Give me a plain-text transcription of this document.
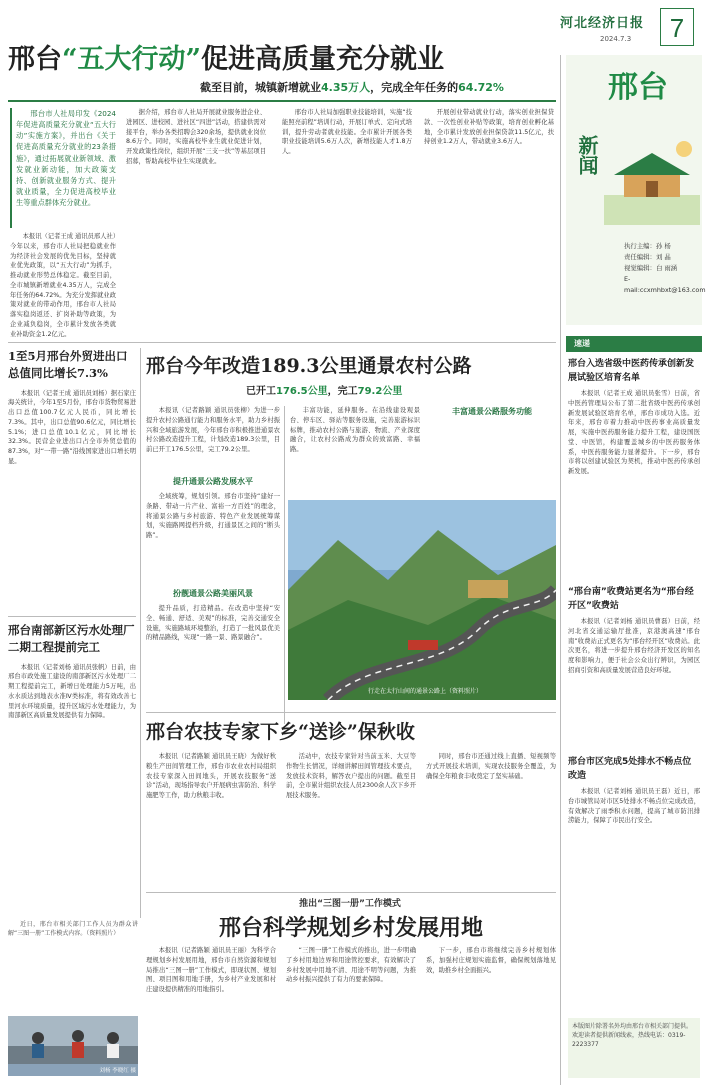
河北经济日报
2024.7.3	7
邢台“五大行动”促进高质量充分就业
截至目前，城镇新增就业4.35万人，完成全年任务的64.72%

邢台市人社局印发《2024年促进高质量充分就业“五大行动”实施方案》，并出台《关于促进高质量充分就业的23条措施》，通过拓展就业新领域、激发就业新动能，加大政策支持、创新就业服务方式、提升就业质量，全力促进高校毕业生等重点群体充分就业。

本报讯（记者王成 通讯员邢人社）今年以来，邢台市人社局把稳就业作为经济社会发展的优先目标，坚持就业优先政策，以“五大行动”为抓手，推动就业形势总体稳定。截至目前，全市城镇新增就业4.35万人，完成全年任务的64.72%。为充分发挥就业政策对就业的带动作用，邢台市人社局落实稳岗返还、扩岗补助等政策，为企业减负稳岗，全市累计发放各类就业补助资金1.2亿元。

据介绍，邢台市人社局开展就业服务进企业、进园区、进校园、进社区“四进”活动，搭建供需对接平台，举办各类招聘会320余场，提供就业岗位8.6万个。同时，实施高校毕业生就业促进计划，开发政策性岗位，组织开展“三支一扶”等基层项目招募，帮助高校毕业生实现就业。

邢台市人社局加强职业技能培训，实施“技能照亮前程”培训行动，开展订单式、定向式培训，提升劳动者就业技能。全市累计开展各类职业技能培训5.6万人次，新增技能人才1.8万人。

开展创业带动就业行动，落实创业担保贷款、一次性创业补贴等政策，培育创业孵化基地，全市累计发放创业担保贷款11.5亿元，扶持创业1.2万人，带动就业3.6万人。

邢台
新闻
执行主编：孙 杨
责任编辑：刘 晶
视觉编辑：白 雨涵
E-mail:ccxmhbxt@163.com
速递
邢台入选省级中医药传承创新发展试验区培育名单

本报讯（记者王成 通讯员张雪）日前，省中医药管理局公布了第二批省级中医药传承创新发展试验区培育名单，邢台市成功入选。近年来，邢台市着力推动中医药事业高质量发展，实施中医药服务能力提升工程，建设国医堂、中医馆，构建覆盖城乡的中医药服务体系，中医药服务能力显著提升。下一步，邢台市将以创建试验区为契机，推动中医药传承创新发展。

“邢台南”收费站更名为“邢台经开区”收费站

本报讯（记者刘杨 通讯员曹磊）日前，经河北省交通运输厅批准，京港澳高速“邢台南”收费站正式更名为“邢台经开区”收费站。此次更名，将进一步提升邢台经济开发区的知名度和影响力，便于社会公众出行辨识，为园区招商引资和高质量发展营造良好环境。

邢台市区完成5处排水不畅点位改造

本报讯（记者刘杨 通讯员王磊）近日，邢台市城管局对市区5处排水不畅点位完成改造，有效解决了雨季积水问题，提高了城市防汛排涝能力，保障了市民出行安全。

本版图片除署名外均由邢台市相关部门提供。欢迎读者提供新闻线索，热线电话：0319-2223377
1至5月邢台外贸进出口总值同比增长7.3%

本报讯（记者王成 通讯员刘杨）据石家庄海关统计，今年1至5月份，邢台市货物贸易进出口总值100.7亿元人民币，同比增长7.3%。其中，出口总值90.6亿元，同比增长5.1%；进口总值10.1亿元，同比增长32.3%。民营企业进出口占全市外贸总值的87.3%，对“一带一路”沿线国家进出口增长明显。

邢台南部新区污水处理厂二期工程提前完工

本报讯（记者刘杨 通讯员张帆）日前，由邢台市政处施工建设的南部新区污水处理厂二期工程提前完工，新增日处理能力5万吨，出水水质达到地表水准Ⅳ类标准，将有效改善七里河水环境质量，提升区域污水处理能力，为南部新区高质量发展提供有力保障。

邢台今年改造189.3公里通景农村公路
已开工176.5公里，完工79.2公里

本报讯（记者路颖 通讯员张柳）为进一步提升农村公路通行能力和服务水平，助力乡村振兴和全域旅游发展，今年邢台市积极推进通景农村公路改造提升工程，计划改造189.3公里，目前已开工176.5公里，完工79.2公里。

提升通景公路发展水平

全域统筹，规划引领。邢台市坚持“建好一条路、带动一片产业、富裕一方百姓”的理念，将通景公路与乡村旅游、特色产业发展统筹谋划，实施路网提档升级，打通景区之间的“断头路”。

扮靓通景公路美丽风景

提升品质，打造精品。在改造中坚持“安全、畅通、舒适、美观”的标准，完善交通安全设施，实施路域环境整治，打造了一批风景优美的精品路线，实现“一路一景、路景融合”。

丰富功能，延伸服务。在沿线建设观景台、停车区、驿站等服务设施，完善旅游标识标牌，推动农村公路与旅游、物流、产业深度融合，让农村公路成为群众的致富路、幸福路。

丰富通景公路服务功能
行走在太行山间的通景公路上（资料照片）
邢台农技专家下乡“送诊”保秋收

本报讯（记者路颖 通讯员王晓）为做好秋粮生产田间管理工作，邢台市农业农村局组织农技专家深入田间地头，开展农技服务“送诊”活动，现场指导农户开展病虫害防治、科学施肥等工作，助力秋粮丰收。

活动中，农技专家针对当前玉米、大豆等作物生长情况，详细讲解田间管理技术要点，发放技术资料，解答农户提出的问题。截至目前，全市累计组织农技人员2300余人次下乡开展技术服务。

同时，邢台市还通过线上直播、短视频等方式开展技术培训，实现农技服务全覆盖，为确保全年粮食丰收奠定了坚实基础。

推出“三图一册”工作模式
邢台科学规划乡村发展用地
刘杨 李晓红 摄

近日，邢台市相关部门工作人员为群众讲解“三图一册”工作模式内容。（资料照片）

本报讯（记者路颖 通讯员王丽）为科学合理规划乡村发展用地，邢台市自然资源和规划局推出“三图一册”工作模式，即现状图、规划图、项目图和用地手册，为乡村产业发展和村庄建设提供精准的用地指引。

“三图一册”工作模式的推出，进一步明确了乡村用地边界和用途管控要求，有效解决了乡村发展中用地不清、用途不明等问题，为推动乡村振兴提供了有力的要素保障。

下一步，邢台市将继续完善乡村规划体系，加强村庄规划实施监督，确保规划落地见效，助推乡村全面振兴。
